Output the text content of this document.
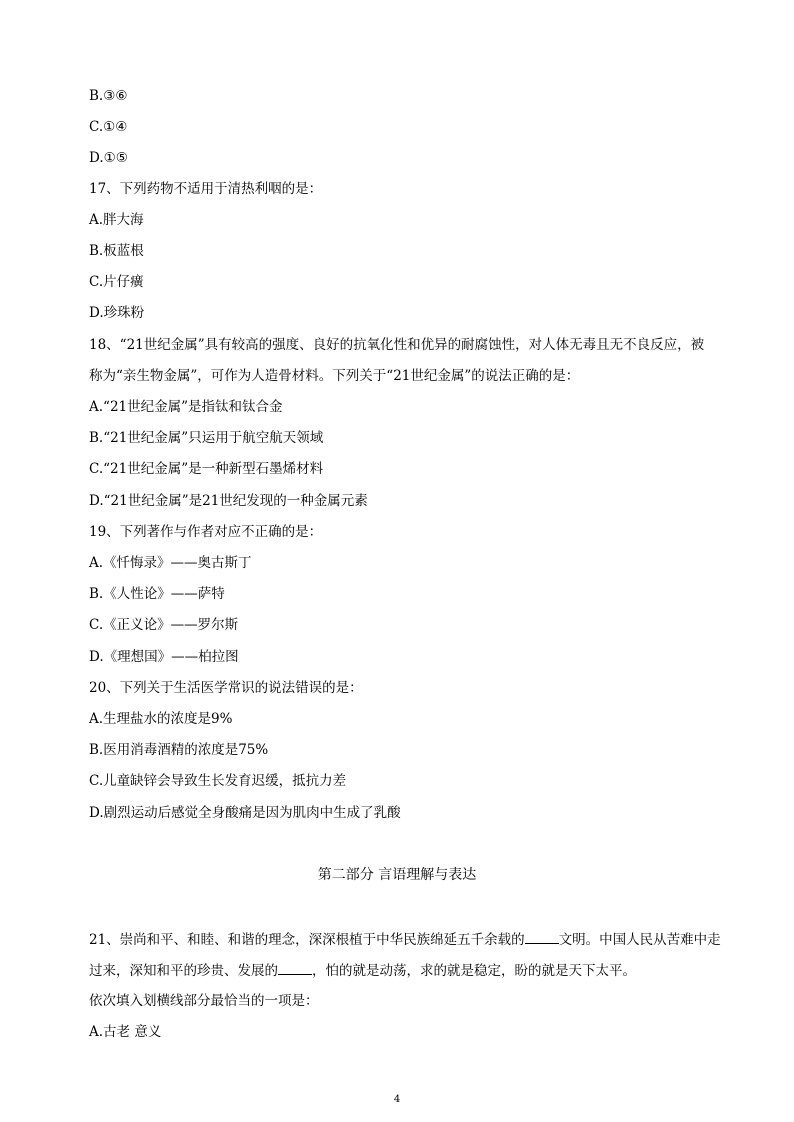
B.③⑥
C.①④
D.①⑤
17、下列药物不适用于清热利咽的是：
A.胖大海
B.板蓝根
C.片仔癀
D.珍珠粉
18、“21世纪金属”具有较高的强度、良好的抗氧化性和优异的耐腐蚀性，对人体无毒且无不良反应，被
称为“亲生物金属”，可作为人造骨材料。下列关于“21世纪金属”的说法正确的是：
A.“21世纪金属”是指钛和钛合金
B.“21世纪金属”只运用于航空航天领域
C.“21世纪金属”是一种新型石墨烯材料
D.“21世纪金属”是21世纪发现的一种金属元素
19、下列著作与作者对应不正确的是：
A.《忏悔录》——奥古斯丁
B.《人性论》——萨特
C.《正义论》——罗尔斯
D.《理想国》——柏拉图
20、下列关于生活医学常识的说法错误的是：
A.生理盐水的浓度是9%
B.医用消毒酒精的浓度是75%
C.儿童缺锌会导致生长发育迟缓，抵抗力差
D.剧烈运动后感觉全身酸痛是因为肌肉中生成了乳酸
第二部分 言语理解与表达
21、崇尚和平、和睦、和谐的理念，深深根植于中华民族绵延五千余载的	文明。中国人民从苦难中走
过来，深知和平的珍贵、发展的	，怕的就是动荡，求的就是稳定，盼的就是天下太平。
依次填入划横线部分最恰当的一项是：
A.古老 意义
4
